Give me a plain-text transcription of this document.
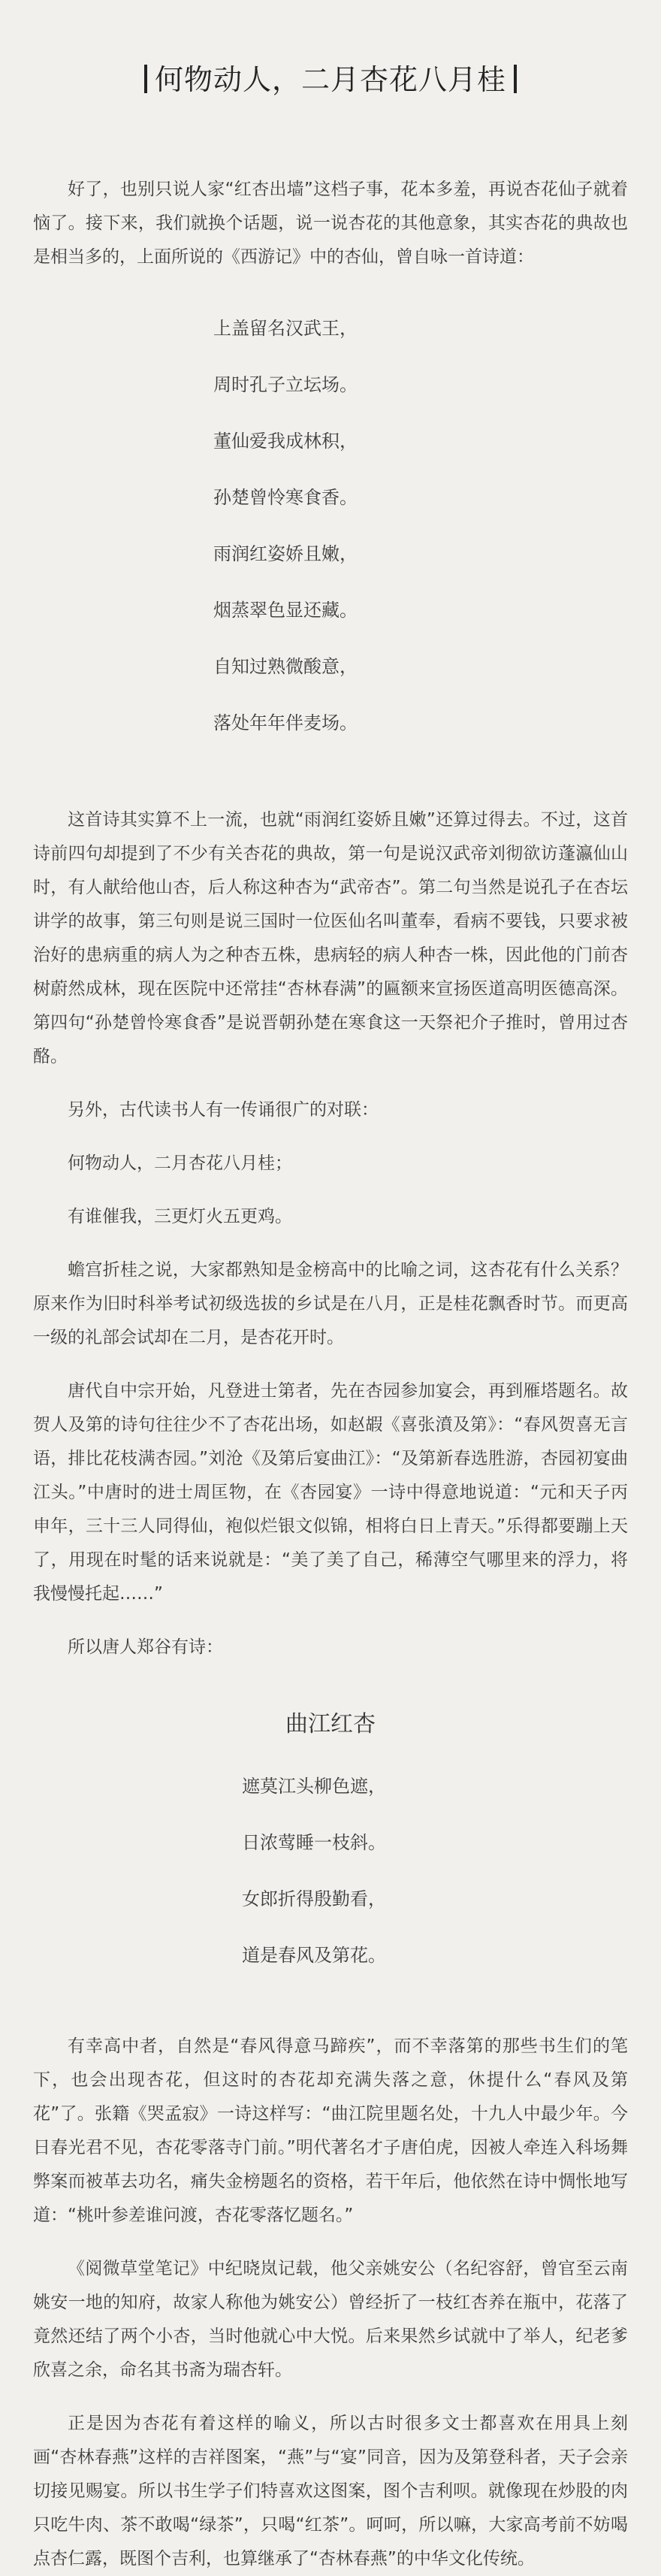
何物动人，二月杏花八月桂

好了，也别只说人家“红杏出墙”这档子事，花本多羞，再说杏花仙子就着恼了。接下来，我们就换个话题，说一说杏花的其他意象，其实杏花的典故也是相当多的，上面所说的《西游记》中的杏仙，曾自咏一首诗道：

上盖留名汉武王，
周时孔子立坛场。
董仙爱我成林积，
孙楚曾怜寒食香。
雨润红姿娇且嫩，
烟蒸翠色显还藏。
自知过熟微酸意，
落处年年伴麦场。

这首诗其实算不上一流，也就“雨润红姿娇且嫩”还算过得去。不过，这首诗前四句却提到了不少有关杏花的典故，第一句是说汉武帝刘彻欲访蓬瀛仙山时，有人献给他山杏，后人称这种杏为“武帝杏”。第二句当然是说孔子在杏坛讲学的故事，第三句则是说三国时一位医仙名叫董奉，看病不要钱，只要求被治好的患病重的病人为之种杏五株，患病轻的病人种杏一株，因此他的门前杏树蔚然成林，现在医院中还常挂“杏林春满”的匾额来宣扬医道高明医德高深。第四句“孙楚曾怜寒食香”是说晋朝孙楚在寒食这一天祭祀介子推时，曾用过杏酪。

另外，古代读书人有一传诵很广的对联：

何物动人，二月杏花八月桂；

有谁催我，三更灯火五更鸡。

蟾宫折桂之说，大家都熟知是金榜高中的比喻之词，这杏花有什么关系？原来作为旧时科举考试初级选拔的乡试是在八月，正是桂花飘香时节。而更高一级的礼部会试却在二月，是杏花开时。

唐代自中宗开始，凡登进士第者，先在杏园参加宴会，再到雁塔题名。故贺人及第的诗句往往少不了杏花出场，如赵嘏《喜张濆及第》：“春风贺喜无言语，排比花枝满杏园。”刘沧《及第后宴曲江》：“及第新春选胜游，杏园初宴曲江头。”中唐时的进士周匡物，在《杏园宴》一诗中得意地说道：“元和天子丙申年，三十三人同得仙，袍似烂银文似锦，相将白日上青天。”乐得都要蹦上天了，用现在时髦的话来说就是：“美了美了自己，稀薄空气哪里来的浮力，将我慢慢托起……”

所以唐人郑谷有诗：

曲江红杏
遮莫江头柳色遮，
日浓莺睡一枝斜。
女郎折得殷勤看，
道是春风及第花。

有幸高中者，自然是“春风得意马蹄疾”，而不幸落第的那些书生们的笔下，也会出现杏花，但这时的杏花却充满失落之意，休提什么“春风及第花”了。张籍《哭孟寂》一诗这样写：“曲江院里题名处，十九人中最少年。今日春光君不见，杏花零落寺门前。”明代著名才子唐伯虎，因被人牵连入科场舞弊案而被革去功名，痛失金榜题名的资格，若干年后，他依然在诗中惆怅地写道：“桃叶参差谁问渡，杏花零落忆题名。”

《阅微草堂笔记》中纪晓岚记载，他父亲姚安公（名纪容舒，曾官至云南姚安一地的知府，故家人称他为姚安公）曾经折了一枝红杏养在瓶中，花落了竟然还结了两个小杏，当时他就心中大悦。后来果然乡试就中了举人，纪老爹欣喜之余，命名其书斋为瑞杏轩。

正是因为杏花有着这样的喻义，所以古时很多文士都喜欢在用具上刻画“杏林春燕”这样的吉祥图案，“燕”与“宴”同音，因为及第登科者，天子会亲切接见赐宴。所以书生学子们特喜欢这图案，图个吉利呗。就像现在炒股的肉只吃牛肉、茶不敢喝“绿茶”，只喝“红茶”。呵呵，所以嘛，大家高考前不妨喝点杏仁露，既图个吉利，也算继承了“杏林春燕”的中华文化传统。
